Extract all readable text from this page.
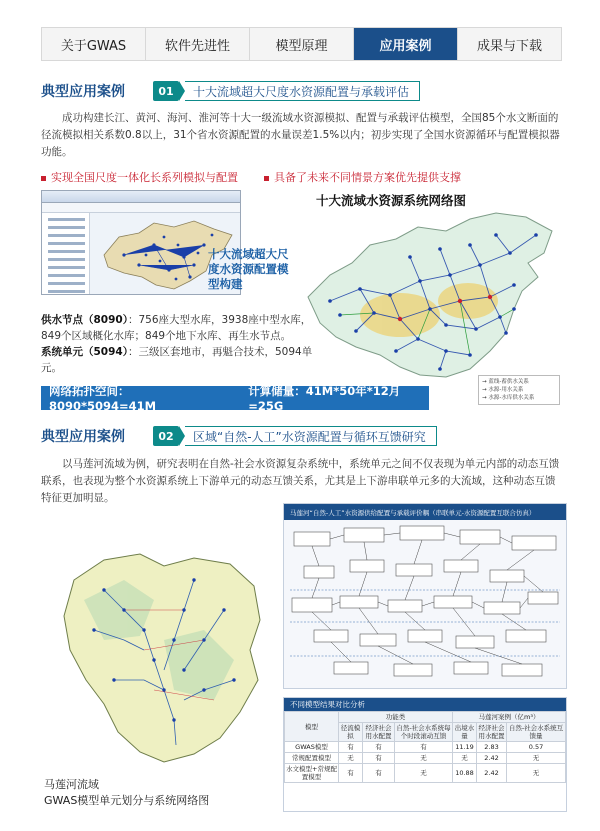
关于GWAS	软件先进性	模型原理	应用案例	成果与下载
典型应用案例	01	十大流域超大尺度水资源配置与承载评估
成功构建长江、黄河、海河、淮河等十大一级流域水资源模拟、配置与承载评估模型，全国85个水文断面的径流模拟相关系数0.8以上，31个省水资源配置的水量误差1.5%以内；初步实现了全国水资源循环与配置模拟器功能。
实现全国尺度一体化长系列模拟与配置	具备了未来不同情景方案优先提供支撑
十大流域超大尺度水资源配置模型构建

供水节点（8090）：756座大型水库，3938座中型水库，849个区域概化水库；849个地下水库、再生水节点。

系统单元（5094）：三级区套地市，再魁合技术，5094单元。

十大流域水资源系统网络图
→ 蓝线-蓄供水关系
→ 水源-用水关系
→ 水源-水库供水关系
网络拓扑空间：8090*5094=41M
计算储量：41M*50年*12月=25G
典型应用案例	02	区域“自然-人工”水资源配置与循环互馈研究
以马莲河流域为例，研究表明在自然-社会水资源复杂系统中，系统单元之间不仅表现为单元内部的动态互馈联系，也表现为整个水资源系统上下游单元的动态互馈关系，尤其是上下游串联单元多的大流域，这种动态互馈特征更加明显。
马莲河“自然-人工”水资源供给配置与承载评价耦（串联单元-水资源配置互联合仿真）
不同模型结果对比分析
模型	功能类			马莲河案例（亿m³）		
	径流模拟	经济社会用水配置	自然-社会水系统每个时段滚动互馈	出境水量	经济社会用水配置	自然-社会水系统互馈量
GWAS模型	有	有	有	11.19	2.83	0.57
常规配置模型	无	有	无	无	2.42	无
水文模型+常规配置模型	有	有	无	10.88	2.42	无
马莲河流域
GWAS模型单元划分与系统网络图
